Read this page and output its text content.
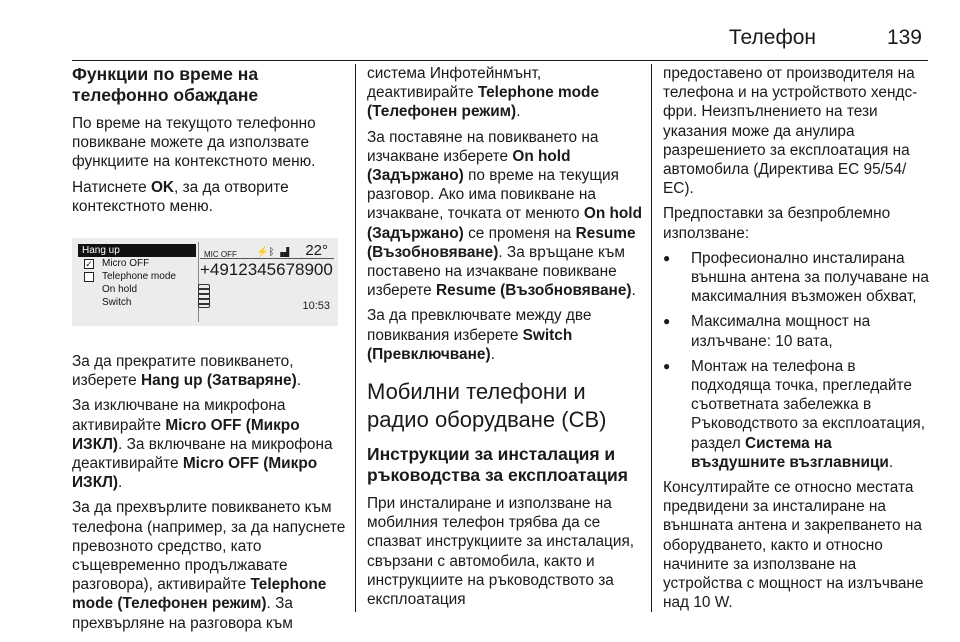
Телефон	139
Функции по време на телефонно обаждане

По време на текущото телефонно повикване можете да използвате функциите на контекстното меню.

Натиснете OK, за да отворите контекстното меню.

Hang up
✓ Micro OFF
Telephone mode
On hold
Switch
MIC OFF ⚡ᛒ ▗▟ 22°
+4912345678900
10:53

За да прекратите повикването, изберете Hang up (Затваряне).

За изключване на микрофона активирайте Micro OFF (Микро ИЗКЛ). За включване на микрофона деактивирайте Micro OFF (Микро ИЗКЛ).

За да прехвърлите повикването към телефона (например, за да напуснете превозното средство, като същевременно продължавате разговора), активирайте Telephone mode (Телефонен режим). За прехвърляне на разговора към

система Инфотейнмънт, деактивирайте Telephone mode (Телефонен режим).

За поставяне на повикването на изчакване изберете On hold (Задържано) по време на текущия разговор. Ако има повикване на изчакване, точката от менюто On hold (Задържано) се променя на Resume (Възобновяване). За връщане към поставено на изчакване повикване изберете Resume (Възобновяване).

За да превключвате между две повиквания изберете Switch (Превключване).

Мобилни телефони и радио оборудване (CB)
Инструкции за инсталация и ръководства за експлоатация

При инсталиране и използване на мобилния телефон трябва да се спазват инструкциите за инсталация, свързани с автомобила, както и инструкциите на ръководството за експлоатация

предоставено от производителя на телефона и на устройството хендс-фри. Неизпълнението на тези указания може да анулира разрешението за експлоатация на автомобила (Директива ЕС 95/54/ ЕС).

Предпоставки за безпроблемно използване:

● Професионално инсталирана външна антена за получаване на максималния възможен обхват,
● Максимална мощност на излъчване: 10 вата,
● Монтаж на телефона в подходяща точка, прегледайте съответната забележка в Ръководството за експлоатация, раздел Система на въздушните възглавници.

Консултирайте се относно местата предвидени за инсталиране на външната антена и закрепването на оборудването, както и относно начините за използване на устройства с мощност на излъчване над 10 W.
